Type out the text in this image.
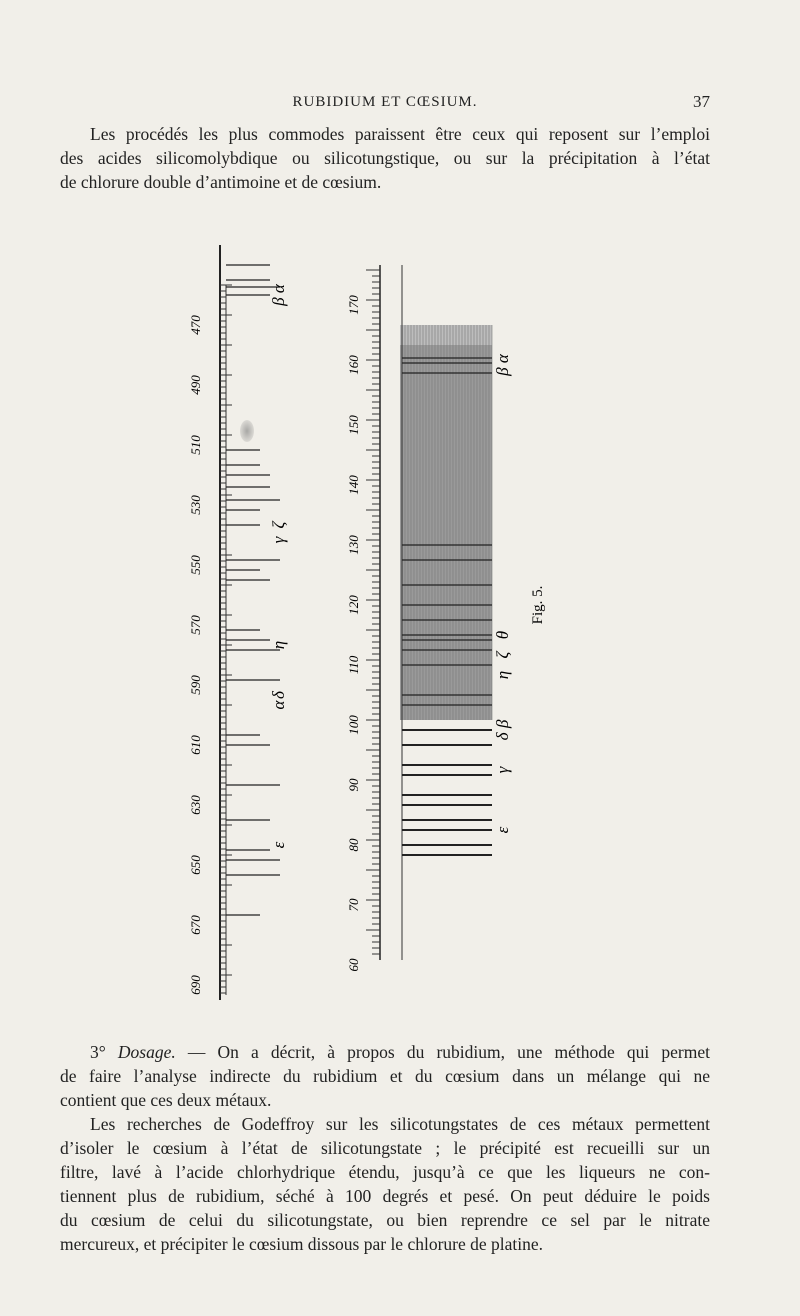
RUBIDIUM ET CŒSIUM.	37
Les procédés les plus commodes paraissent être ceux qui reposent sur l’emploi
des acides silicomolybdique ou silicotungstique, ou sur la précipitation à l’état
de chlorure double d’antimoine et de cœsium.
β α
γ
η
δ
ζ
α
ε
470
490
510
530
550
570
590
610
630
650
670
690
170
160
150
140
130
120
110
100
90
80
70
60
β α
θ
ζ
η
δ β
γ
ε
Fig. 5.
3° Dosage. — On a décrit, à propos du rubidium, une méthode qui permet
de faire l’analyse indirecte du rubidium et du cœsium dans un mélange qui ne
contient que ces deux métaux.
Les recherches de Godeffroy sur les silicotungstates de ces métaux permettent
d’isoler le cœsium à l’état de silicotungstate ; le précipité est recueilli sur un
filtre, lavé à l’acide chlorhydrique étendu, jusqu’à ce que les liqueurs ne con-
tiennent plus de rubidium, séché à 100 degrés et pesé. On peut déduire le poids
du cœsium de celui du silicotungstate, ou bien reprendre ce sel par le nitrate
mercureux, et précipiter le cœsium dissous par le chlorure de platine.
